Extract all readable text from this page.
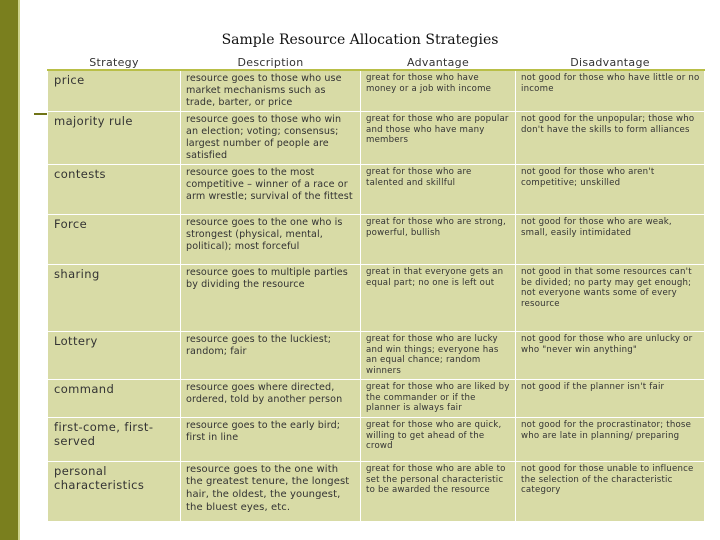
Sample Resource Allocation Strategies
Strategy	Description	Advantage	Disadvantage
price	resource goes to those who use market mechanisms such as trade, barter, or price	great for those who have money or a job with income	not good for those who have little or no income
majority rule	resource goes to those who win an election; voting; consensus; largest number of people are satisfied	great for those who are popular and those who have many members	not good for the unpopular; those who don't have the skills to form alliances
contests	resource goes to the most competitive – winner of a race or arm wrestle; survival of the fittest	great for those who are talented and skillful	not good for those who aren't competitive; unskilled
Force	resource goes to the one who is strongest (physical, mental, political); most forceful	great for those who are strong, powerful, bullish	not good for those who are weak, small, easily intimidated
sharing	resource goes to multiple parties by dividing the resource	great in that everyone gets an equal part; no one is left out	not good in that some resources can't be divided; no party may get enough; not everyone wants some of every resource
Lottery	resource goes to the luckiest; random; fair	great for those who are lucky and win things; everyone has an equal chance; random winners	not good for those who are unlucky or who "never win anything"
command	resource goes where directed, ordered, told by another person	great for those who are liked by the commander or if the planner is always fair	not good if the planner isn't fair
first-come, first-served	resource goes to the early bird; first in line	great for those who are quick, willing to get ahead of the crowd	not good for the procrastinator; those who are late in planning/ preparing
personal characteristics	resource goes to the one with the greatest tenure, the longest hair, the oldest, the youngest, the bluest eyes, etc.	great for those who are able to set the personal characteristic to be awarded the resource	not good for those unable to influence the selection of the characteristic category
